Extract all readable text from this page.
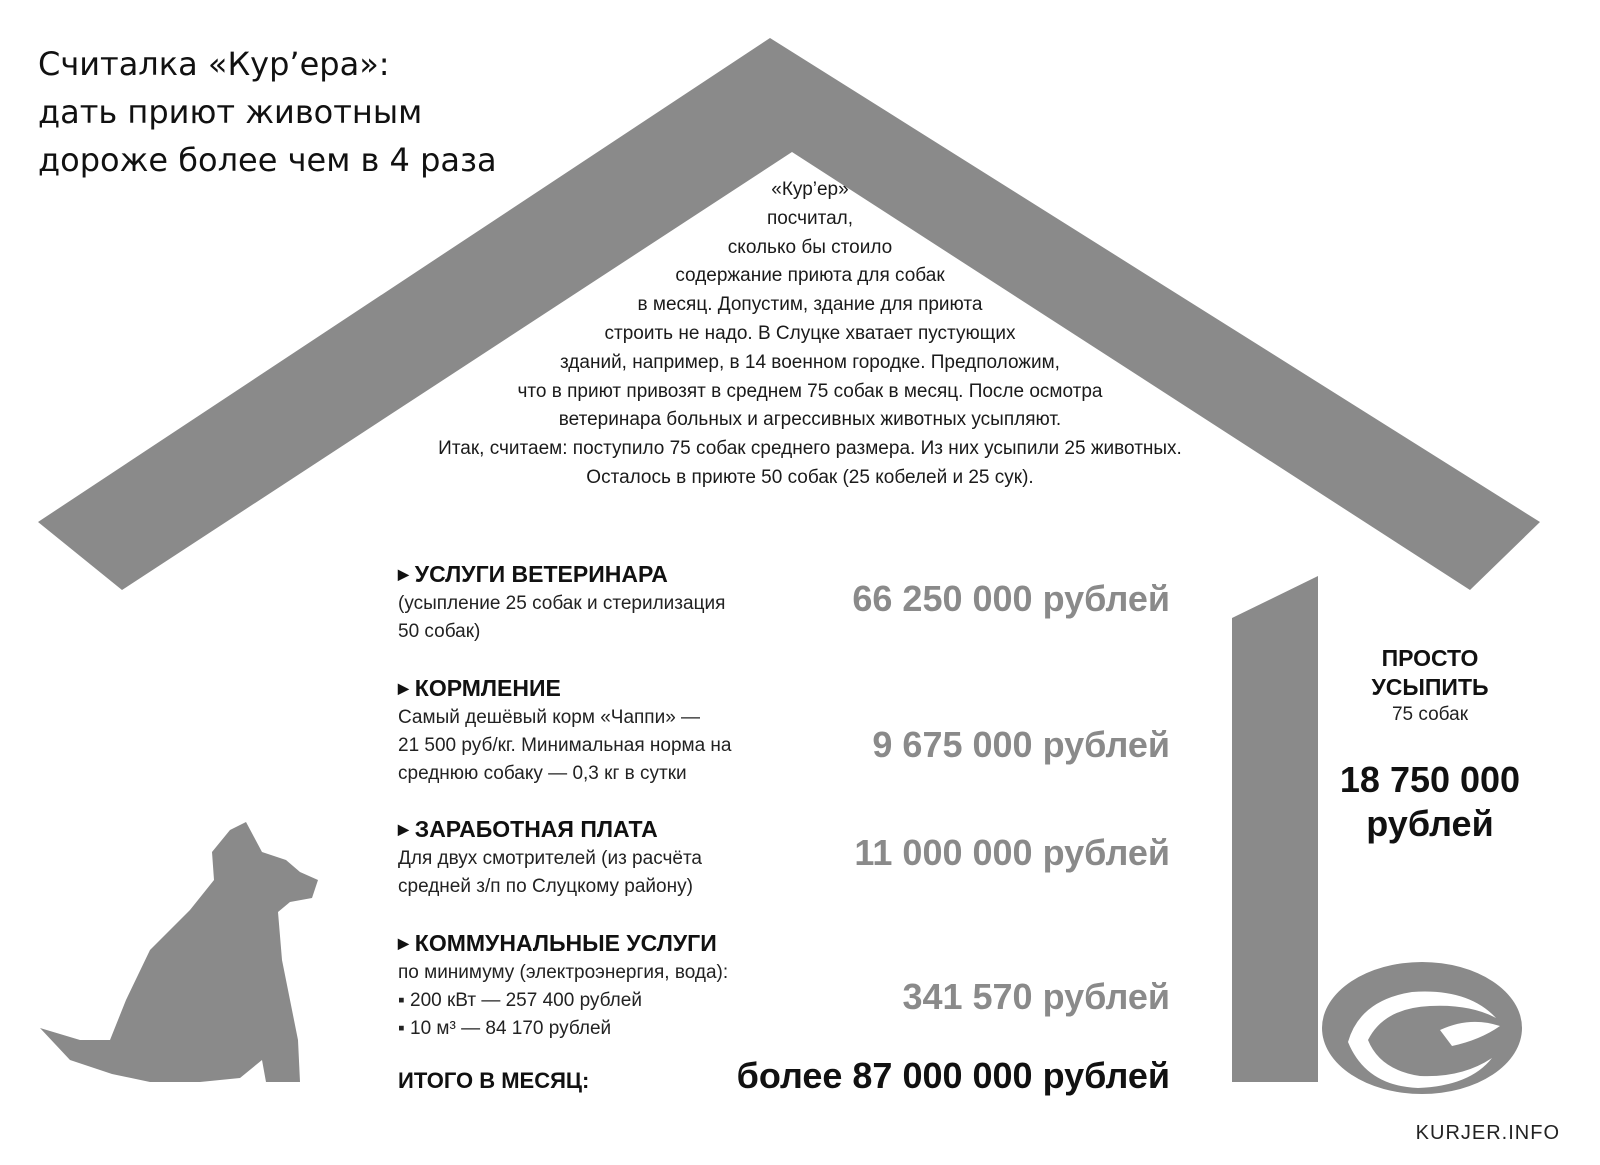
Считалка «Кур’ера»:
дать приют животным
дороже более чем в 4 раза
«Кур’ер»
посчитал,
сколько бы стоило
содержание приюта для собак
в месяц. Допустим, здание для приюта
строить не надо. В Слуцке хватает пустующих
зданий, например, в 14 военном городке. Предположим,
что в приют привозят в среднем 75 собак в месяц. После осмотра
ветеринара больных и агрессивных животных усыпляют.
Итак, считаем: поступило 75 собак среднего размера. Из них усыпили 25 животных.
Осталось в приюте 50 собак (25 кобелей и 25 сук).
▶ УСЛУГИ ВЕТЕРИНАРА
(усыпление 25 собак и стерилизация
50 собак)
66 250 000 рублей
▶ КОРМЛЕНИЕ
Самый дешёвый корм «Чаппи» —
21 500 руб/кг. Минимальная норма на
среднюю собаку — 0,3 кг в сутки
9 675 000 рублей
▶ ЗАРАБОТНАЯ ПЛАТА
Для двух смотрителей (из расчёта
средней з/п по Слуцкому району)
11 000 000 рублей
▶ КОММУНАЛЬНЫЕ УСЛУГИ
по минимуму (электроэнергия, вода):
▪ 200 кВт — 257 400 рублей
▪ 10 м³ — 84 170 рублей
341 570 рублей
ИТОГО В МЕСЯЦ:	более 87 000 000 рублей
ПРОСТО
УСЫПИТЬ
75 собак
18 750 000
рублей
KURJER.INFO
